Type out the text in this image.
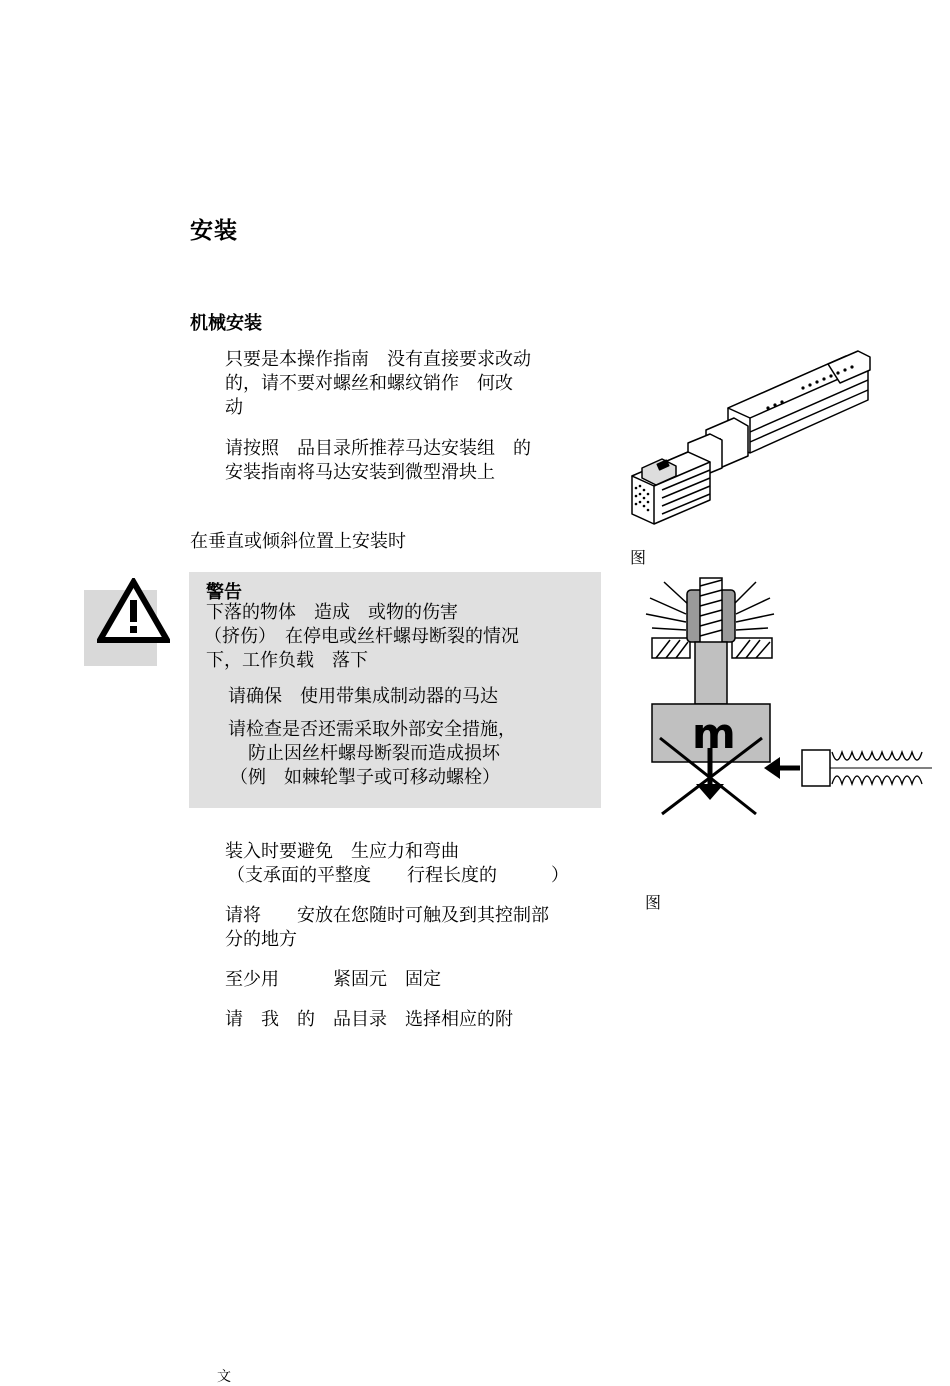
安装
机械安装
只要是本操作指南　没有直接要求改动
的，请不要对螺丝和螺纹销作　何改
动
请按照　品目录所推荐马达安装组　的
安装指南将马达安装到微型滑块上
在垂直或倾斜位置上安装时
警告
下落的物体　造成　或物的伤害
（挤伤）　在停电或丝杆螺母断裂的情况
下，工作负载　落下
请确保　使用带集成制动器的马达
请检查是否还需采取外部安全措施，
防止因丝杆螺母断裂而造成损坏
（例　如棘轮掣子或可移动螺栓）
装入时要避免　生应力和弯曲
（支承面的平整度　　行程长度的　　　）
请将　　安放在您随时可触及到其控制部
分的地方
至少用　　　紧固元　固定
请　我　的　品目录　选择相应的附
图
m
图
文
